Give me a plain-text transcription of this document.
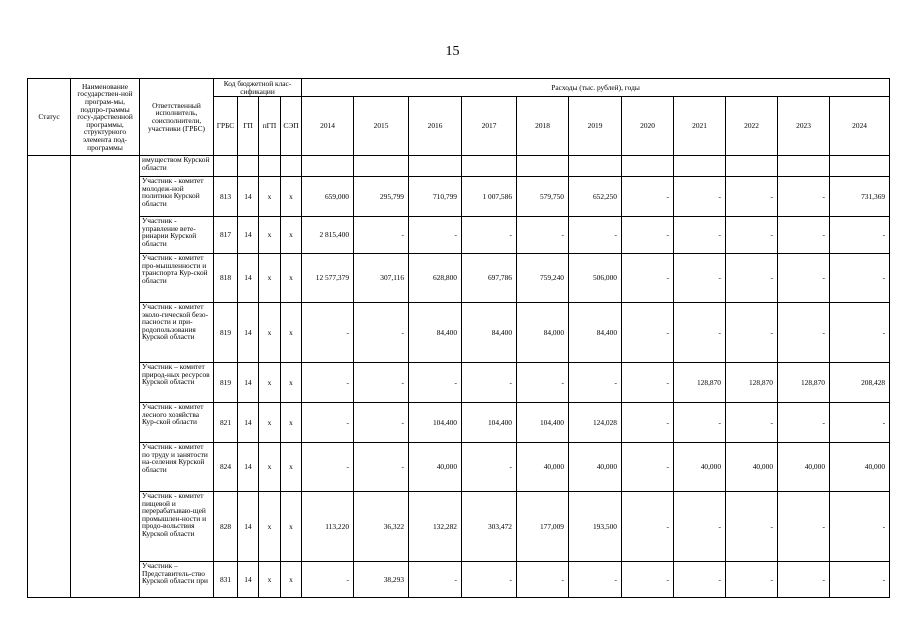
15
Статус	Наименование государствен-ной програм-мы, подпро-граммы госу-дарственной программы, структурного элемента под-программы	Ответственный исполнитель, соисполнители, участники (ГРБС)	Код бюджетной клас-сификации				Расходы (тыс. рублей), годы										
			ГРБС	ГП	пГП	СЭП	2014	2015	2016	2017	2018	2019	2020	2021	2022	2023	2024
		имуществом Курской области															
		Участник - комитет молодеж-ной политики Курской области	813	14	х	х	659,000	295,799	710,799	1 007,586	579,750	652,250	-	-	-	-	731,369
		Участник - управление вете-ринарии Курской области	817	14	х	х	2 815,400	-	-	-	-	-	-	-	-	-	-
		Участник - комитет про-мышленности и транспорта Кур-ской области	818	14	х	х	12 577,379	307,116	628,800	697,786	759,240	506,000	-	-	-	-	-
		Участник - комитет эколо-гической безо-пасности и при-родопользования Курской области	819	14	х	х	-	-	84,400	84,400	84,000	84,400	-	-	-	-	-
		Участник – комитет природ-ных ресурсов Курской области	819	14	х	х	-	-	-	-	-	-	-	128,870	128,870	128,870	208,428
		Участник - комитет лесного хозяйства Кур-ской области	821	14	х	х	-	-	104,400	104,400	104,400	124,028	-	-	-	-	-
		Участник - комитет по труду и занятости на-селения Курской области	824	14	х	х	-	-	40,000	-	40,000	40,000	-	40,000	40,000	40,000	40,000
		Участник - комитет пищевой и перерабатываю-щей промышлен-ности и продо-вольствия Курской области	828	14	х	х	113,220	36,322	132,282	303,472	177,009	193,500	-	-	-	-	-
		Участник – Представитель-ство Курской области при	831	14	х	х	-	38,293	-	-	-	-	-	-	-	-	-
